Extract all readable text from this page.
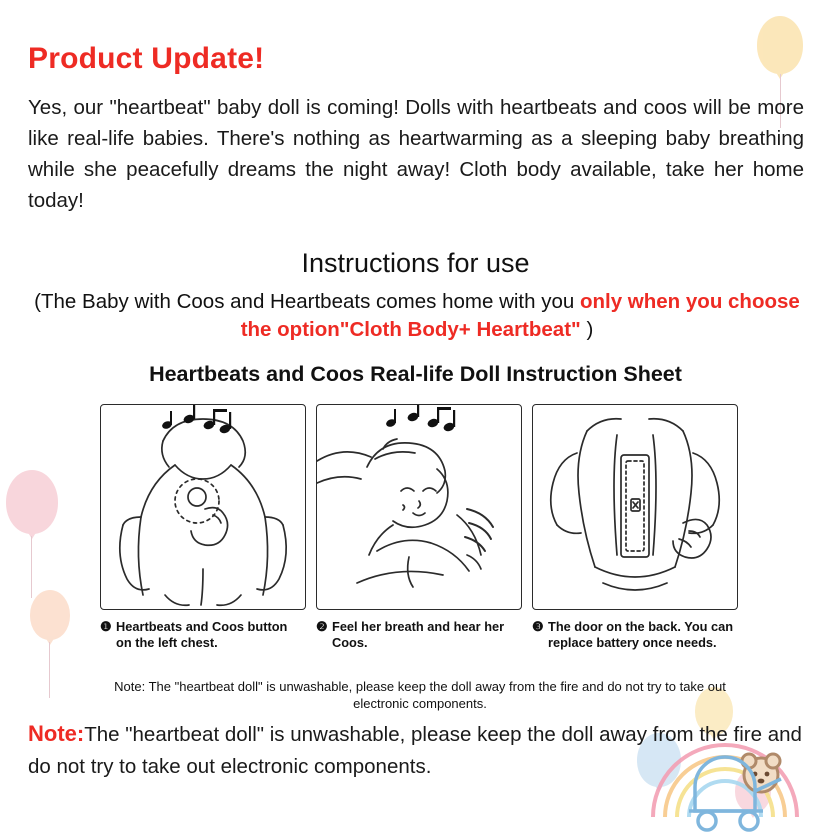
Product Update!
Yes, our "heartbeat" baby doll is coming! Dolls with heartbeats and coos will be more like real-life babies. There's nothing as heartwarming as a sleeping baby breathing while she peacefully dreams the night away! Cloth body available, take her home today!
Instructions for use
(The Baby with Coos and Heartbeats comes home with you only when you choose the option"Cloth Body+ Heartbeat" )
Heartbeats and Coos Real-life Doll Instruction Sheet
❶ Heartbeats and Coos button on the left chest.
❷ Feel her breath and hear her Coos.
❸ The door on the back. You can replace battery once needs.
Note: The "heartbeat doll" is unwashable, please keep the doll away from the fire and do not try to take out electronic components.
Note:The "heartbeat doll" is unwashable, please keep the doll away from the fire and do not try to take out electronic components.
